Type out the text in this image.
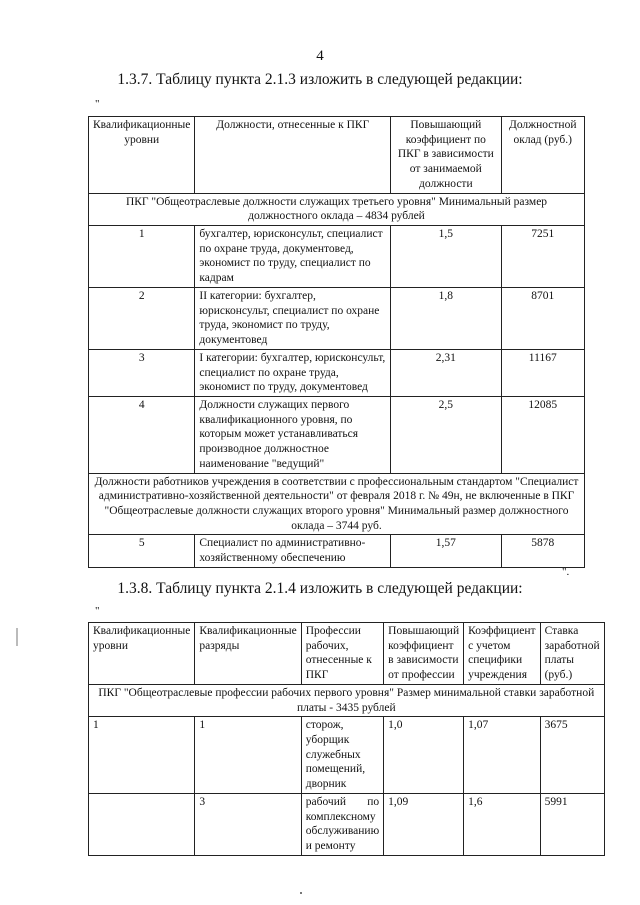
4
1.3.7. Таблицу пункта 2.1.3 изложить в следующей редакции:
"
Квалификационные уровни	Должности, отнесенные к ПКГ	Повышающий коэффициент по ПКГ в зависимости от занимаемой должности	Должностной оклад (руб.)
ПКГ "Общеотраслевые должности служащих третьего уровня" Минимальный размер должностного оклада – 4834 рублей			
1	бухгалтер, юрисконсульт, специалист по охране труда, документовед, экономист по труду, специалист по кадрам	1,5	7251
2	II категории: бухгалтер, юрисконсульт, специалист по охране труда, экономист по труду, документовед	1,8	8701
3	I категории: бухгалтер, юрисконсульт, специалист по охране труда, экономист по труду, документовед	2,31	11167
4	Должности служащих первого квалификационного уровня, по которым может устанавливаться производное должностное наименование "ведущий"	2,5	12085
Должности работников учреждения в соответствии с профессиональным стандартом "Специалист административно-хозяйственной деятельности" от февраля 2018 г. № 49н, не включенные в ПКГ "Общеотраслевые должности служащих второго уровня" Минимальный размер должностного оклада – 3744 руб.			
5	Специалист по административно-хозяйственному обеспечению	1,57	5878
".
1.3.8. Таблицу пункта 2.1.4 изложить в следующей редакции:
"
Квалификационные уровни	Квалификационные разряды	Профессии рабочих, отнесенные к ПКГ	Повышающий коэффициент в зависимости от профессии	Коэффициент с учетом специфики учреждения	Ставка заработной платы (руб.)
ПКГ "Общеотраслевые профессии рабочих первого уровня" Размер минимальной ставки заработной платы - 3435 рублей					
1	1	сторож, уборщик служебных помещений, дворник	1,0	1,07	3675
	3	рабочий по комплексному обслуживанию и ремонту	1,09	1,6	5991
